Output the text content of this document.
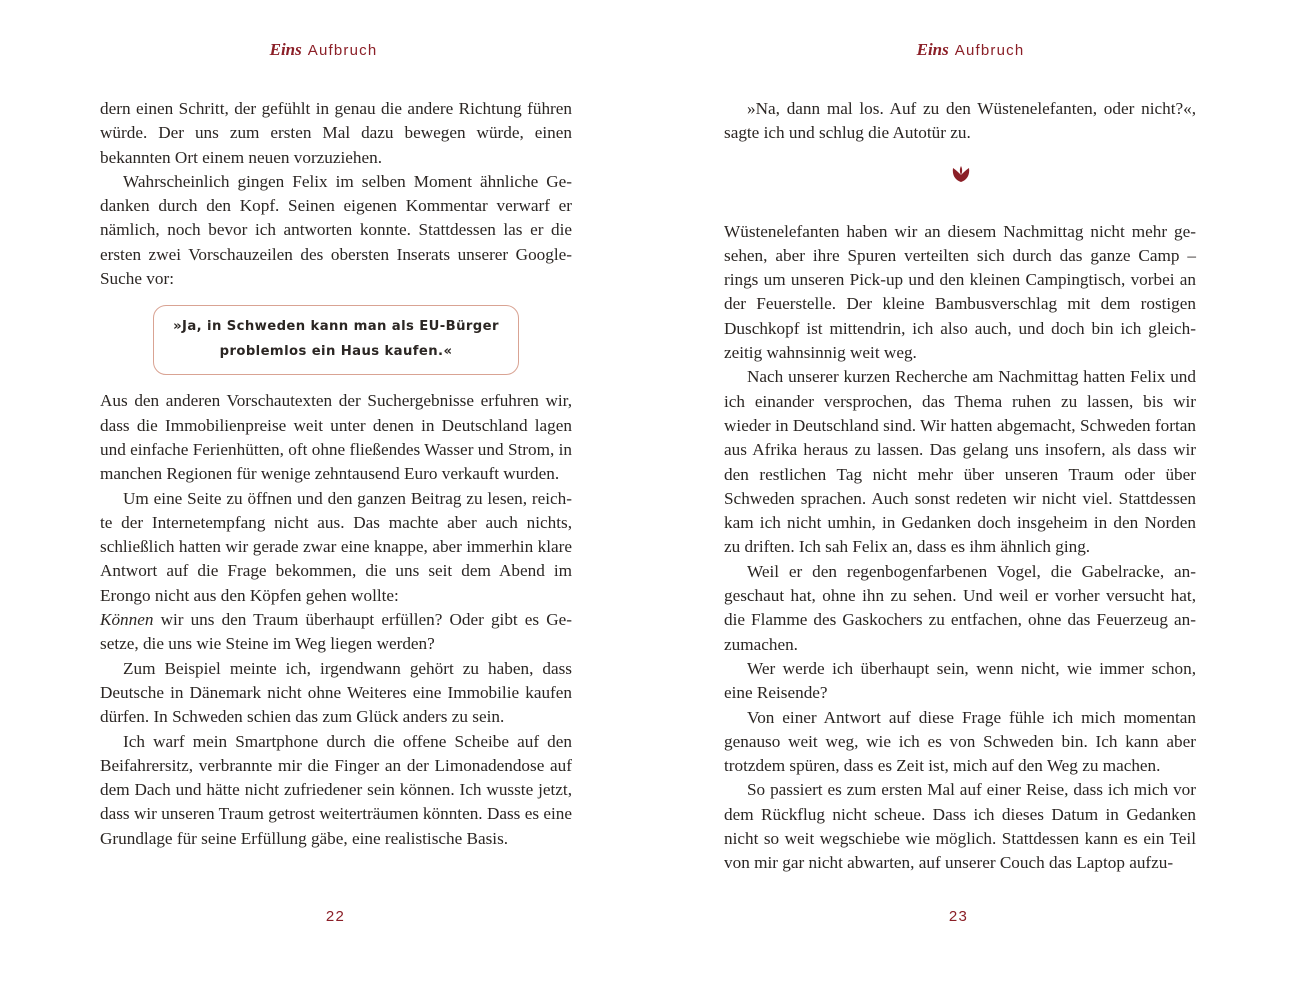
Eins Aufbruch

dern einen Schritt, der gefühlt in genau die andere Richtung führen würde. Der uns zum ersten Mal dazu bewegen würde, einen bekannten Ort einem neuen vorzuziehen.

Wahrscheinlich gingen Felix im selben Moment ähnliche Gedanken durch den Kopf. Seinen eigenen Kommentar verwarf er nämlich, noch bevor ich antworten konnte. Stattdessen las er die ersten zwei Vorschauzeilen des obersten Inserats unserer Google-Suche vor:

»Ja, in Schweden kann man als EU-Bürger
problemlos ein Haus kaufen.«

Aus den anderen Vorschautexten der Suchergebnisse erfuhren wir, dass die Immobilienpreise weit unter denen in Deutschland lagen und einfache Ferienhütten, oft ohne fließendes Wasser und Strom, in manchen Regionen für wenige zehntausend Euro verkauft wurden.

Um eine Seite zu öffnen und den ganzen Beitrag zu lesen, reichte der Internetempfang nicht aus. Das machte aber auch nichts, schließlich hatten wir gerade zwar eine knappe, aber immerhin klare Antwort auf die Frage bekommen, die uns seit dem Abend im Erongo nicht aus den Köpfen gehen wollte:

Können wir uns den Traum überhaupt erfüllen? Oder gibt es Gesetze, die uns wie Steine im Weg liegen werden?

Zum Beispiel meinte ich, irgendwann gehört zu haben, dass Deutsche in Dänemark nicht ohne Weiteres eine Immobilie kaufen dürfen. In Schweden schien das zum Glück anders zu sein.

Ich warf mein Smartphone durch die offene Scheibe auf den Beifahrersitz, verbrannte mir die Finger an der Limonadendose auf dem Dach und hätte nicht zufriedener sein können. Ich wusste jetzt, dass wir unseren Traum getrost weiterträumen könnten. Dass es eine Grundlage für seine Erfüllung gäbe, eine realistische Basis.

22
Eins Aufbruch

»Na, dann mal los. Auf zu den Wüstenelefanten, oder nicht?«, sagte ich und schlug die Autotür zu.

Wüstenelefanten haben wir an diesem Nachmittag nicht mehr gesehen, aber ihre Spuren verteilten sich durch das ganze Camp – rings um unseren Pick-up und den kleinen Campingtisch, vorbei an der Feuerstelle. Der kleine Bambusverschlag mit dem rostigen Duschkopf ist mittendrin, ich also auch, und doch bin ich gleichzeitig wahnsinnig weit weg.

Nach unserer kurzen Recherche am Nachmittag hatten Felix und ich einander versprochen, das Thema ruhen zu lassen, bis wir wieder in Deutschland sind. Wir hatten abgemacht, Schweden fortan aus Afrika heraus zu lassen. Das gelang uns insofern, als dass wir den restlichen Tag nicht mehr über unseren Traum oder über Schweden sprachen. Auch sonst redeten wir nicht viel. Stattdessen kam ich nicht umhin, in Gedanken doch insgeheim in den Norden zu driften. Ich sah Felix an, dass es ihm ähnlich ging.

Weil er den regenbogenfarbenen Vogel, die Gabelracke, angeschaut hat, ohne ihn zu sehen. Und weil er vorher versucht hat, die Flamme des Gaskochers zu entfachen, ohne das Feuerzeug anzumachen.

Wer werde ich überhaupt sein, wenn nicht, wie immer schon, eine Reisende?

Von einer Antwort auf diese Frage fühle ich mich momentan genauso weit weg, wie ich es von Schweden bin. Ich kann aber trotzdem spüren, dass es Zeit ist, mich auf den Weg zu machen.

So passiert es zum ersten Mal auf einer Reise, dass ich mich vor dem Rückflug nicht scheue. Dass ich dieses Datum in Gedanken nicht so weit wegschiebe wie möglich. Stattdessen kann es ein Teil von mir gar nicht abwarten, auf unserer Couch das Laptop aufzu-

23
